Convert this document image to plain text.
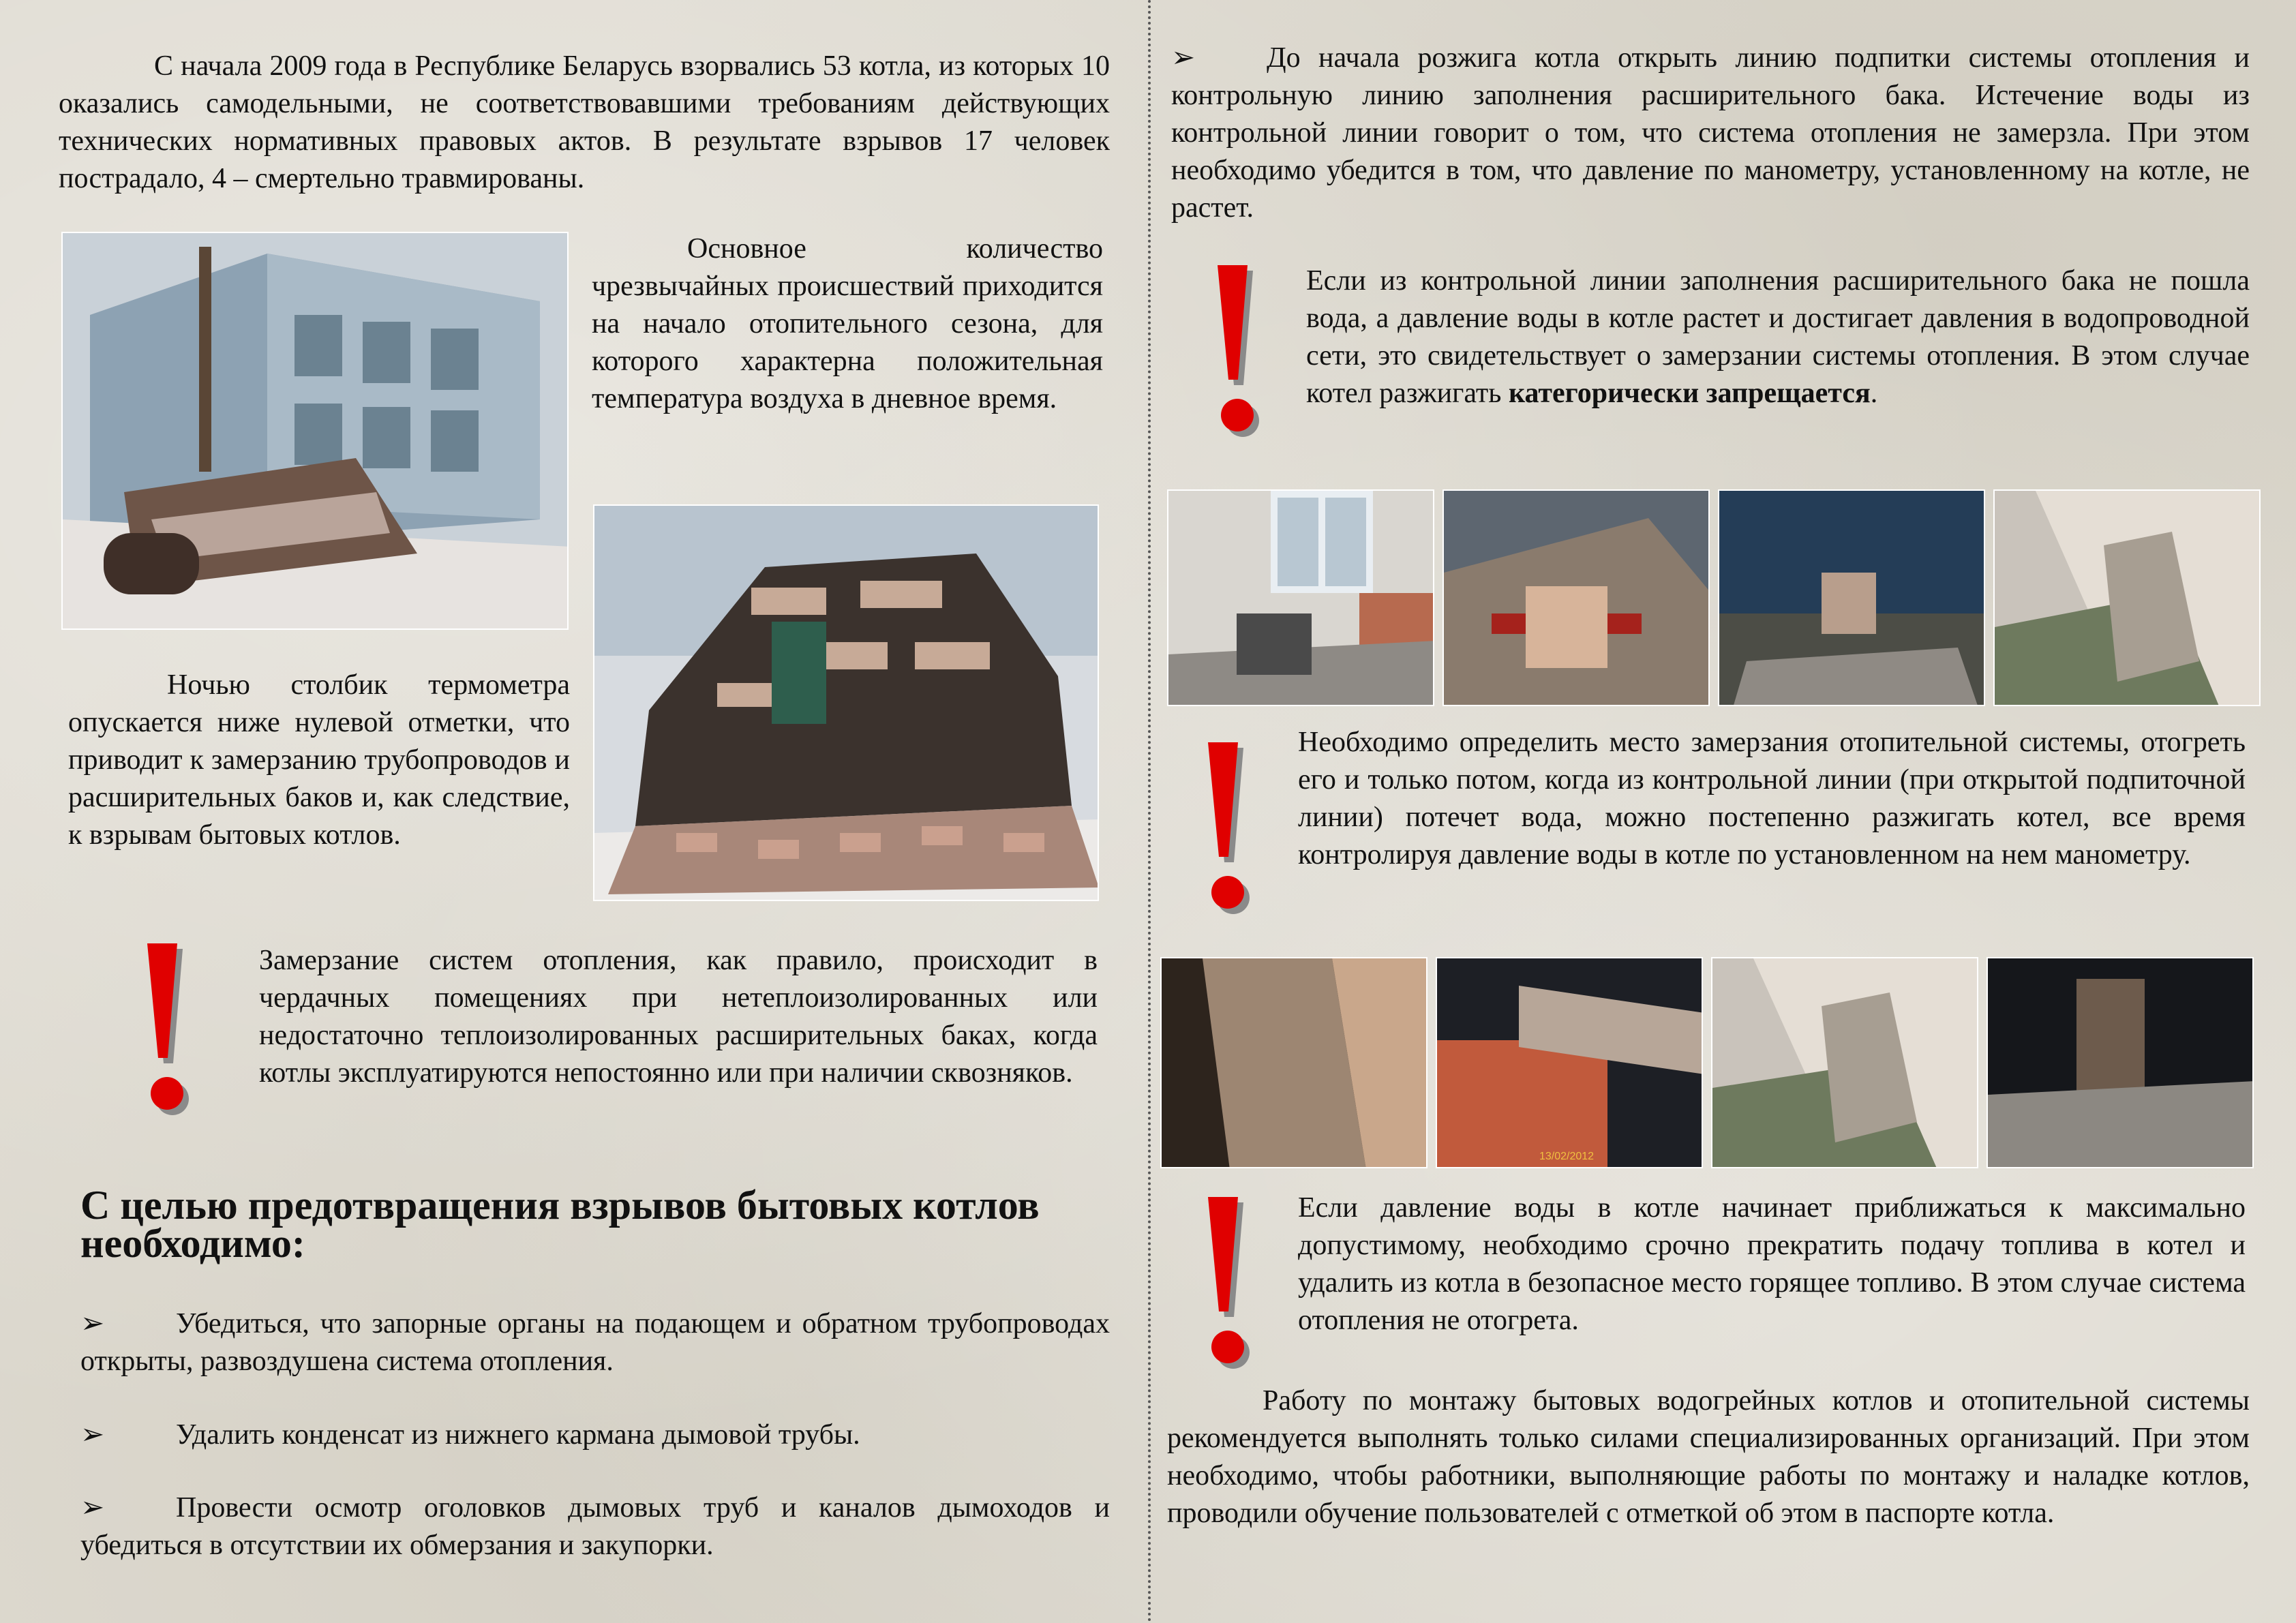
С начала 2009 года в Республике Беларусь взорвались 53 котла, из которых 10 оказались самодельными, не соответствовавшими требованиям действующих технических нормативных правовых актов. В результате взрывов 17 человек пострадало, 4 – смертельно травмированы.

Основное количество чрезвычайных происшествий приходится на начало отопительного сезона, для которого характерна положительная температура воздуха в дневное время.

Ночью столбик термометра опускается ниже нулевой отметки, что приводит к замерзанию трубопроводов и расширительных баков и, как следствие, к взрывам бытовых котлов.

Замерзание систем отопления, как правило, происходит в чердачных помещениях при нетеплоизолированных или недостаточно теплоизолированных расширительных баках, когда котлы эксплуатируются непостоянно или при наличии сквозняков.

С целью предотвращения взрывов бытовых котлов необходимо:
➢ Убедиться, что запорные органы на подающем и обратном трубопроводах открыты, развоздушена система отопления.
➢ Удалить конденсат из нижнего кармана дымовой трубы.
➢ Провести осмотр оголовков дымовых труб и каналов дымоходов и убедиться в отсутствии их обмерзания и закупорки.
➢ До начала розжига котла открыть линию подпитки системы отопления и контрольную линию заполнения расширительного бака. Истечение воды из контрольной линии говорит о том, что система отопления не замерзла. При этом необходимо убедится в том, что давление по манометру, установленному на котле, не растет.

Если из контрольной линии заполнения расширительного бака не пошла вода, а давление воды в котле растет и достигает давления в водопроводной сети, это свидетельствует о замерзании системы отопления. В этом случае котел разжигать категорически запрещается.

Необходимо определить место замерзания отопительной системы, отогреть его и только потом, когда из контрольной линии (при открытой подпиточной линии) потечет вода, можно постепенно разжигать котел, все время контролируя давление воды в котле по установленном на нем манометру.

13/02/2012

Если давление воды в котле начинает приближаться к максимально допустимому, необходимо срочно прекратить подачу топлива в котел и удалить из котла в безопасное место горящее топливо. В этом случае система отопления не отогрета.

Работу по монтажу бытовых водогрейных котлов и отопительной системы рекомендуется выполнять только силами специализированных организаций. При этом необходимо, чтобы работники, выполняющие работы по монтажу и наладке котлов, проводили обучение пользователей с отметкой об этом в паспорте котла.
